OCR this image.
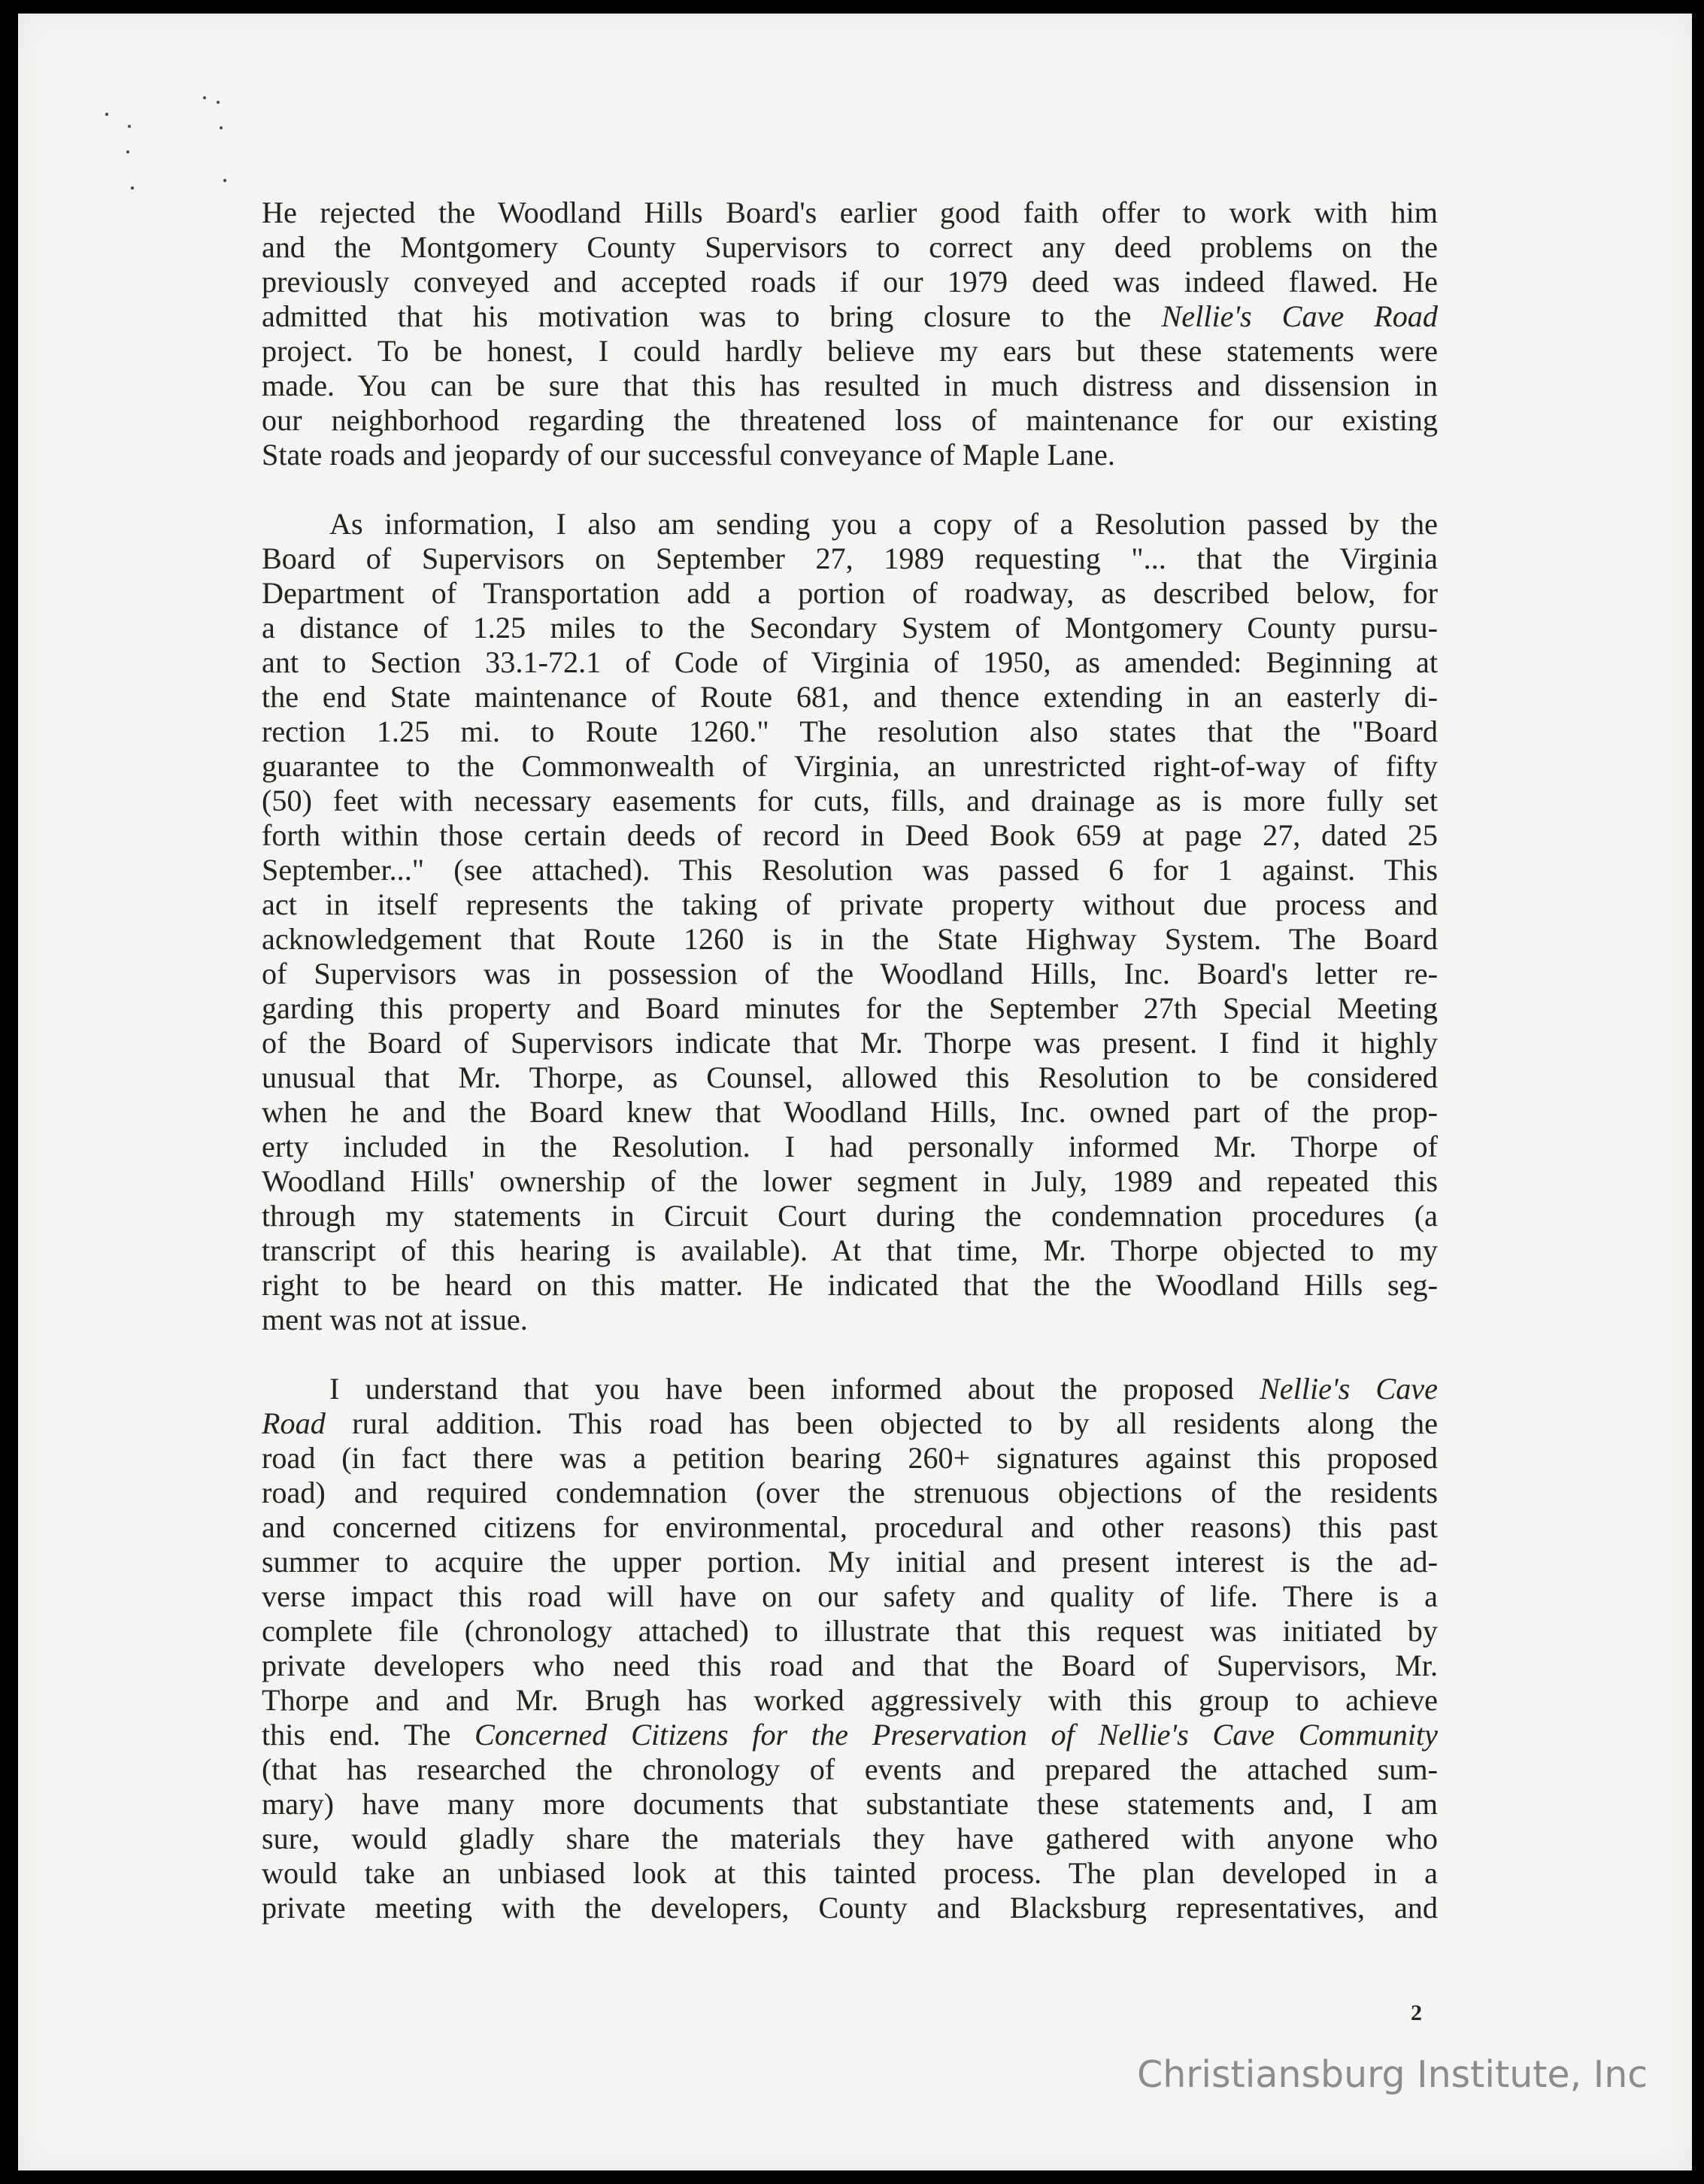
He rejected the Woodland Hills Board's earlier good faith offer to work with him
and the Montgomery County Supervisors to correct any deed problems on the
previously conveyed and accepted roads if our 1979 deed was indeed flawed. He
admitted that his motivation was to bring closure to the Nellie's Cave Road
project. To be honest, I could hardly believe my ears but these statements were
made. You can be sure that this has resulted in much distress and dissension in
our neighborhood regarding the threatened loss of maintenance for our existing
State roads and jeopardy of our successful conveyance of Maple Lane.
As information, I also am sending you a copy of a Resolution passed by the
Board of Supervisors on September 27, 1989 requesting "... that the Virginia
Department of Transportation add a portion of roadway, as described below, for
a distance of 1.25 miles to the Secondary System of Montgomery County pursu-
ant to Section 33.1-72.1 of Code of Virginia of 1950, as amended: Beginning at
the end State maintenance of Route 681, and thence extending in an easterly di-
rection 1.25 mi. to Route 1260." The resolution also states that the "Board
guarantee to the Commonwealth of Virginia, an unrestricted right-of-way of fifty
(50) feet with necessary easements for cuts, fills, and drainage as is more fully set
forth within those certain deeds of record in Deed Book 659 at page 27, dated 25
September..." (see attached). This Resolution was passed 6 for 1 against. This
act in itself represents the taking of private property without due process and
acknowledgement that Route 1260 is in the State Highway System. The Board
of Supervisors was in possession of the Woodland Hills, Inc. Board's letter re-
garding this property and Board minutes for the September 27th Special Meeting
of the Board of Supervisors indicate that Mr. Thorpe was present. I find it highly
unusual that Mr. Thorpe, as Counsel, allowed this Resolution to be considered
when he and the Board knew that Woodland Hills, Inc. owned part of the prop-
erty included in the Resolution. I had personally informed Mr. Thorpe of
Woodland Hills' ownership of the lower segment in July, 1989 and repeated this
through my statements in Circuit Court during the condemnation procedures (a
transcript of this hearing is available). At that time, Mr. Thorpe objected to my
right to be heard on this matter. He indicated that the the Woodland Hills seg-
ment was not at issue.
I understand that you have been informed about the proposed Nellie's Cave
Road rural addition. This road has been objected to by all residents along the
road (in fact there was a petition bearing 260+ signatures against this proposed
road) and required condemnation (over the strenuous objections of the residents
and concerned citizens for environmental, procedural and other reasons) this past
summer to acquire the upper portion. My initial and present interest is the ad-
verse impact this road will have on our safety and quality of life. There is a
complete file (chronology attached) to illustrate that this request was initiated by
private developers who need this road and that the Board of Supervisors, Mr.
Thorpe and and Mr. Brugh has worked aggressively with this group to achieve
this end. The Concerned Citizens for the Preservation of Nellie's Cave Community
(that has researched the chronology of events and prepared the attached sum-
mary) have many more documents that substantiate these statements and, I am
sure, would gladly share the materials they have gathered with anyone who
would take an unbiased look at this tainted process. The plan developed in a
private meeting with the developers, County and Blacksburg representatives, and
2
Christiansburg Institute, Inc
